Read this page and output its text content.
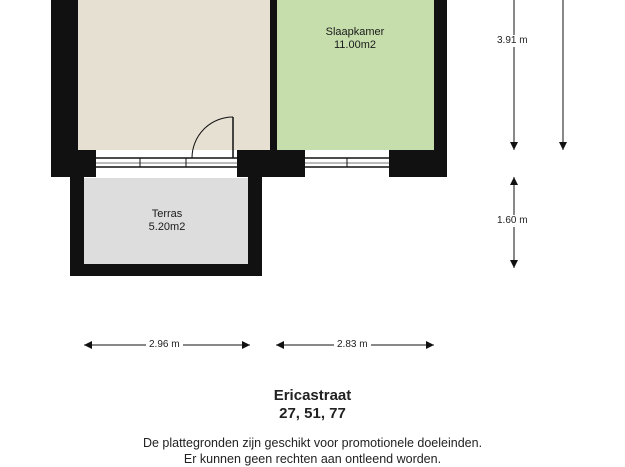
Slaapkamer
11.00m2
Terras
5.20m2
3.91 m
1.60 m
2.96 m	2.83 m
Ericastraat
27, 51, 77
De plattegronden zijn geschikt voor promotionele doeleinden.
Er kunnen geen rechten aan ontleend worden.
